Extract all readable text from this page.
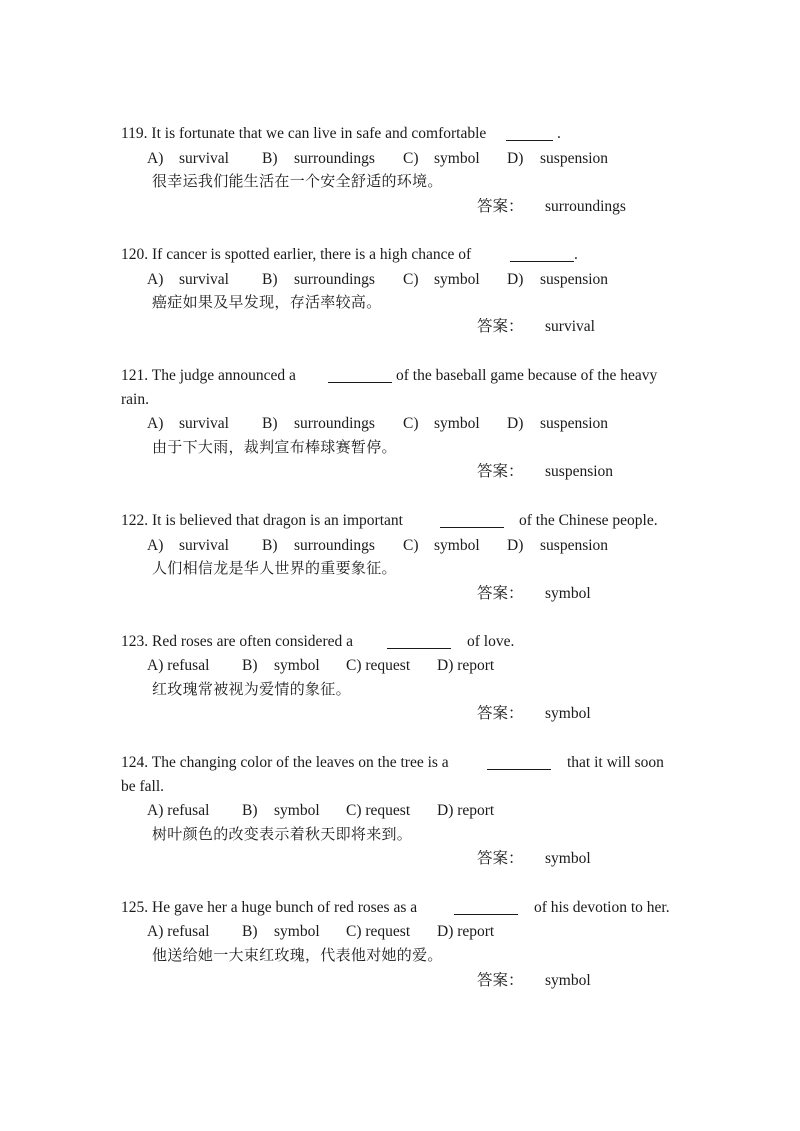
119. It is fortunate that we can live in safe and comfortable	.
A) survival B) surroundings C) symbol D) suspension
很幸运我们能生活在一个安全舒适的环境。
答案： surroundings
120. If cancer is spotted earlier, there is a high chance of	.
A) survival B) surroundings C) symbol D) suspension
癌症如果及早发现，存活率较高。
答案： survival
121. The judge announced a	of the baseball game because of the heavy
rain.
A) survival B) surroundings C) symbol D) suspension
由于下大雨，裁判宣布棒球赛暂停。
答案： suspension
122. It is believed that dragon is an important	of the Chinese people.
A) survival B) surroundings C) symbol D) suspension
人们相信龙是华人世界的重要象征。
答案： symbol
123. Red roses are often considered a	of love.
A) refusal B) symbol C) request D) report
红玫瑰常被视为爱情的象征。
答案： symbol
124. The changing color of the leaves on the tree is a	that it will soon
be fall.
A) refusal B) symbol C) request D) report
树叶颜色的改变表示着秋天即将来到。
答案： symbol
125. He gave her a huge bunch of red roses as a	of his devotion to her.
A) refusal B) symbol C) request D) report
他送给她一大束红玫瑰，代表他对她的爱。
答案： symbol
